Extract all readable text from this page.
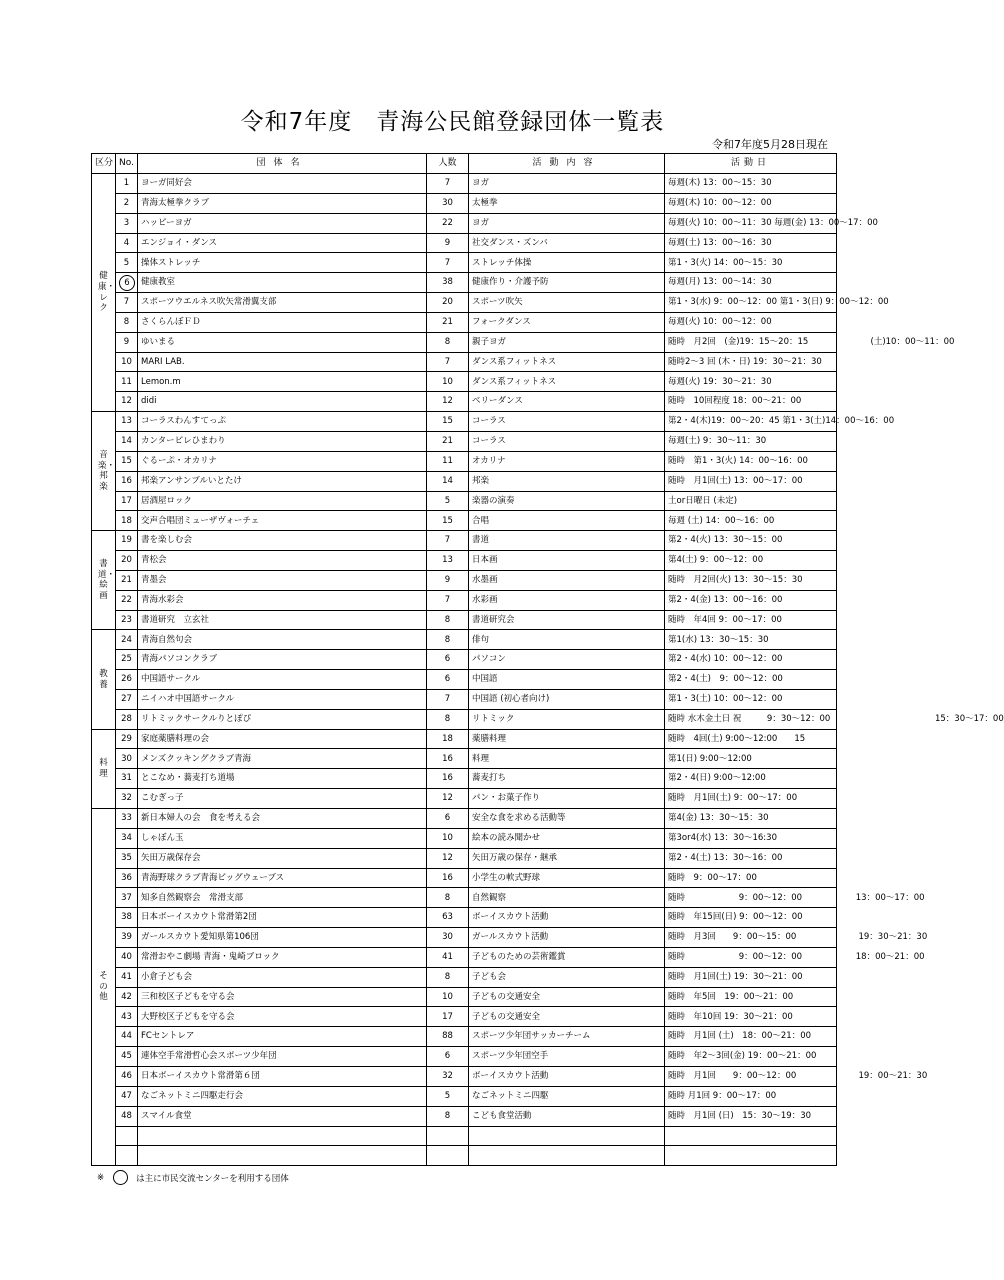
令和7年度　青海公民館登録団体一覧表
令和7年度5月28日現在
区分	No.	団体名	人数	活動内容	活動日

健康・レク	1	ヨーガ同好会	7	ヨガ	毎週(木) 13：00～15：30
	2	青海太極拳クラブ	30	太極拳	毎週(木) 10：00～12：00
	3	ハッピーヨガ	22	ヨガ	毎週(火) 10：00～11：30 毎週(金) 13：00～17：00
	4	エンジョイ・ダンス	9	社交ダンス・ズンバ	毎週(土) 13：00～16：30
	5	操体ストレッチ	7	ストレッチ体操	第1・3(火) 14：00～15：30
	6	健康教室	38	健康作り・介護予防	毎週(月) 13：00～14：30
	7	スポーツウエルネス吹矢常滑翼支部	20	スポーツ吹矢	第1・3(水) 9：00～12：00 第1・3(日) 9：00～12：00
	8	さくらんぼＦＤ	21	フォークダンス	毎週(火) 10：00～12：00
	9	ゆいまる	8	親子ヨガ	随時　月2回　(金)19：15～20：15 　　　　　　　(土)10：00～11：00
	10	MARI LAB.	7	ダンス系フィットネス	随時2～3 回 (木・日) 19：30～21：30
	11	Lemon.m	10	ダンス系フィットネス	毎週(火) 19：30～21：30
	12	didi	12	ベリーダンス	随時　10回程度 18：00～21：00

音楽・邦楽	13	コーラスわんすてっぷ	15	コーラス	第2・4(木)19：00～20：45 第1・3(土)14：00～16：00
	14	カンターピレひまわり	21	コーラス	毎週(土) 9：30～11：30
	15	ぐるーぷ・オカリナ	11	オカリナ	随時　第1・3(火) 14：00～16：00
	16	邦楽アンサンブルいとたけ	14	邦楽	随時　月1回(土) 13：00～17：00
	17	居酒屋ロック	5	楽器の演奏	土or日曜日 (未定)
	18	交声合唱団ミューザヴォーチェ	15	合唱	毎週 (土) 14：00～16：00

書道・絵画	19	書を楽しむ会	7	書道	第2・4(火) 13：30～15：00
	20	青松会	13	日本画	第4(土) 9：00～12：00
	21	青墨会	9	水墨画	随時　月2回(火) 13：30～15：30
	22	青海水彩会	7	水彩画	第2・4(金) 13：00～16：00
	23	書道研究　立玄社	8	書道研究会	随時　年4回 9：00～17：00

教養	24	青海自然句会	8	俳句	第1(水) 13：30～15：30
	25	青海パソコンクラブ	6	パソコン	第2・4(水) 10：00～12：00
	26	中国語サークル	6	中国語	第2・4(土)　9：00～12：00
	27	ニイハオ中国語サークル	7	中国語 (初心者向け)	第1・3(土) 10：00～12：00
	28	リトミックサークルりとぽぴ	8	リトミック	随時 水木金土日 祝　　　9：30～12：00 　　　　　　　　　　　　15：30～17：00

料理	29	家庭薬膳料理の会	18	薬膳料理	随時　4回(土) 9:00～12:00　　15
	30	メンズクッキングクラブ青海	16	料理	第1(日) 9:00～12:00
	31	とこなめ・蕎麦打ち道場	16	蕎麦打ち	第2・4(日) 9:00～12:00
	32	こむぎっ子	12	パン・お菓子作り	随時　月1回(土) 9：00～17：00

その他	33	新日本婦人の会　食を考える会	6	安全な食を求める活動等	第4(金) 13：30～15：30
	34	しゃぼん玉	10	絵本の読み聞かせ	第3or4(水) 13：30～16:30
	35	矢田万歳保存会	12	矢田万歳の保存・継承	第2・4(土) 13：30～16：00
	36	青海野球クラブ青海ビッグウェーブス	16	小学生の軟式野球	随時　9：00～17：00
	37	知多自然観察会　常滑支部	8	自然観察	随時 　　　　　　9：00～12：00 　　　　　　13：00～17：00
	38	日本ボーイスカウト常滑第2団	63	ボーイスカウト活動	随時　年15回(日) 9：00～12：00
	39	ガールスカウト愛知県第106団	30	ガールスカウト活動	随時　月3回　　9：00～15：00 　　　　　　　19：30～21：30
	40	常滑おやこ劇場 青海・鬼崎ブロック	41	子どものための芸術鑑賞	随時 　　　　　　9：00～12：00 　　　　　　18：00～21：00
	41	小倉子ども会	8	子ども会	随時　月1回(土) 19：30～21：00
	42	三和校区子どもを守る会	10	子どもの交通安全	随時　年5回　19：00～21：00
	43	大野校区子どもを守る会	17	子どもの交通安全	随時　年10回 19：30～21：00
	44	FCセントレア	88	スポーツ少年団サッカーチーム	随時　月1回 (土)　18：00～21：00
	45	連体空手常滑哲心会スポーツ少年団	6	スポーツ少年団空手	随時　年2～3回(金) 19：00～21：00
	46	日本ボーイスカウト常滑第６団	32	ボーイスカウト活動	随時　月1回　　9：00～12：00 　　　　　　　19：00～21：30
	47	なごネットミニ四駆走行会	5	なごネットミニ四駆	随時 月1回 9：00～17：00
	48	スマイル食堂	8	こども食堂活動	随時　月1回 (日)　15：30～19：30

※	は主に市民交流センターを利用する団体
